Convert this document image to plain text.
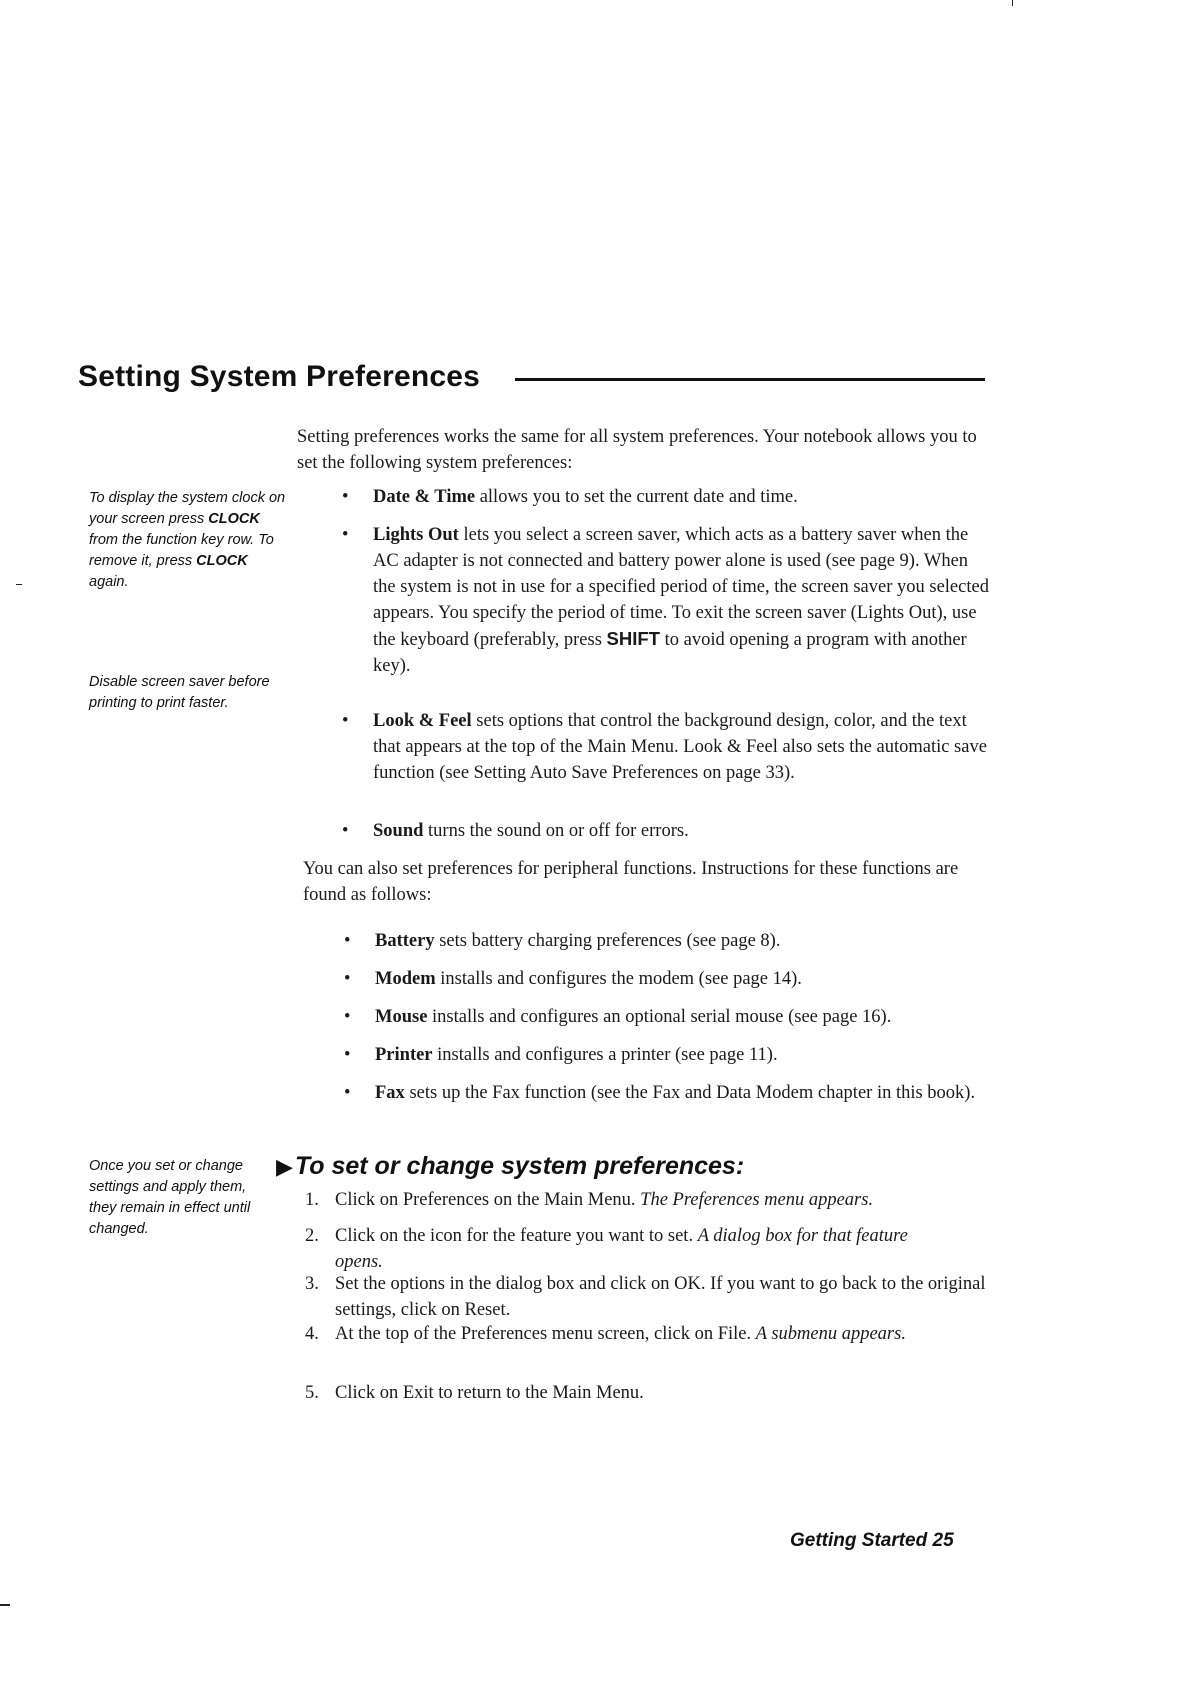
Setting System Preferences
To display the system clock on your screen press CLOCK from the function key row. To remove it, press CLOCK again.
Disable screen saver before printing to print faster.
Once you set or change settings and apply them, they remain in effect until changed.

Setting preferences works the same for all system preferences. Your notebook allows you to set the following system preferences:

•	Date & Time allows you to set the current date and time.
•	Lights Out lets you select a screen saver, which acts as a battery saver when the AC adapter is not connected and battery power alone is used (see page 9). When the system is not in use for a specified period of time, the screen saver you selected appears. You specify the period of time. To exit the screen saver (Lights Out), use the keyboard (preferably, press SHIFT to avoid opening a program with another key).
•	Look & Feel sets options that control the background design, color, and the text that appears at the top of the Main Menu. Look & Feel also sets the automatic save function (see Setting Auto Save Preferences on page 33).
•	Sound turns the sound on or off for errors.

You can also set preferences for peripheral functions. Instructions for these functions are found as follows:

•	Battery sets battery charging preferences (see page 8).
•	Modem installs and configures the modem (see page 14).
•	Mouse installs and configures an optional serial mouse (see page 16).
•	Printer installs and configures a printer (see page 11).
•	Fax sets up the Fax function (see the Fax and Data Modem chapter in this book).
▶To set or change system preferences:
1. Click on Preferences on the Main Menu. The Preferences menu appears.
2. Click on the icon for the feature you want to set. A dialog box for that feature opens.
3. Set the options in the dialog box and click on OK. If you want to go back to the original settings, click on Reset.
4. At the top of the Preferences menu screen, click on File. A submenu appears.
5. Click on Exit to return to the Main Menu.
Getting Started 25
